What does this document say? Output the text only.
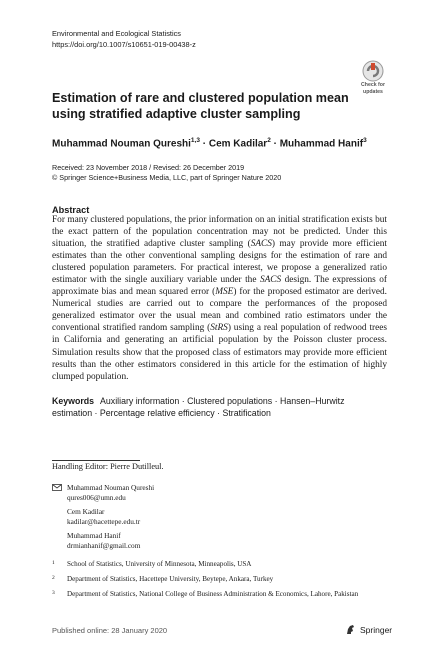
Environmental and Ecological Statistics
https://doi.org/10.1007/s10651-019-00438-z
Check for
updates
Estimation of rare and clustered population mean using stratified adaptive cluster sampling
Muhammad Nouman Qureshi$^{1,3}$ · Cem Kadilar$^2$ · Muhammad Hanif$^3$
Received: 23 November 2018 / Revised: 26 December 2019
© Springer Science+Business Media, LLC, part of Springer Nature 2020
Abstract
For many clustered populations, the prior information on an initial stratification exists but the exact pattern of the population concentration may not be predicted. Under this situation, the stratified adaptive cluster sampling (SACS) may provide more efficient estimates than the other conventional sampling designs for the estimation of rare and clustered population parameters. For practical interest, we propose a generalized ratio estimator with the single auxiliary variable under the SACS design. The expressions of approximate bias and mean squared error (MSE) for the proposed estimator are derived. Numerical studies are carried out to compare the performances of the proposed generalized estimator over the usual mean and combined ratio estimators under the conventional stratified random sampling (StRS) using a real population of redwood trees in California and generating an artificial population by the Poisson cluster process. Simulation results show that the proposed class of estimators may provide more efficient results than the other estimators considered in this article for the estimation of highly clumped population.
Keywords Auxiliary information · Clustered populations · Hansen–Hurwitz estimation · Percentage relative efficiency · Stratification
Handling Editor: Pierre Dutilleul.
Muhammad Nouman Qureshi
qures006@umn.edu
Cem Kadilar
kadilar@hacettepe.edu.tr
Muhammad Hanif
drmianhanif@gmail.com
1 School of Statistics, University of Minnesota, Minneapolis, USA
2 Department of Statistics, Hacettepe University, Beytepe, Ankara, Turkey
3 Department of Statistics, National College of Business Administration & Economics, Lahore, Pakistan
Published online: 28 January 2020	Springer
